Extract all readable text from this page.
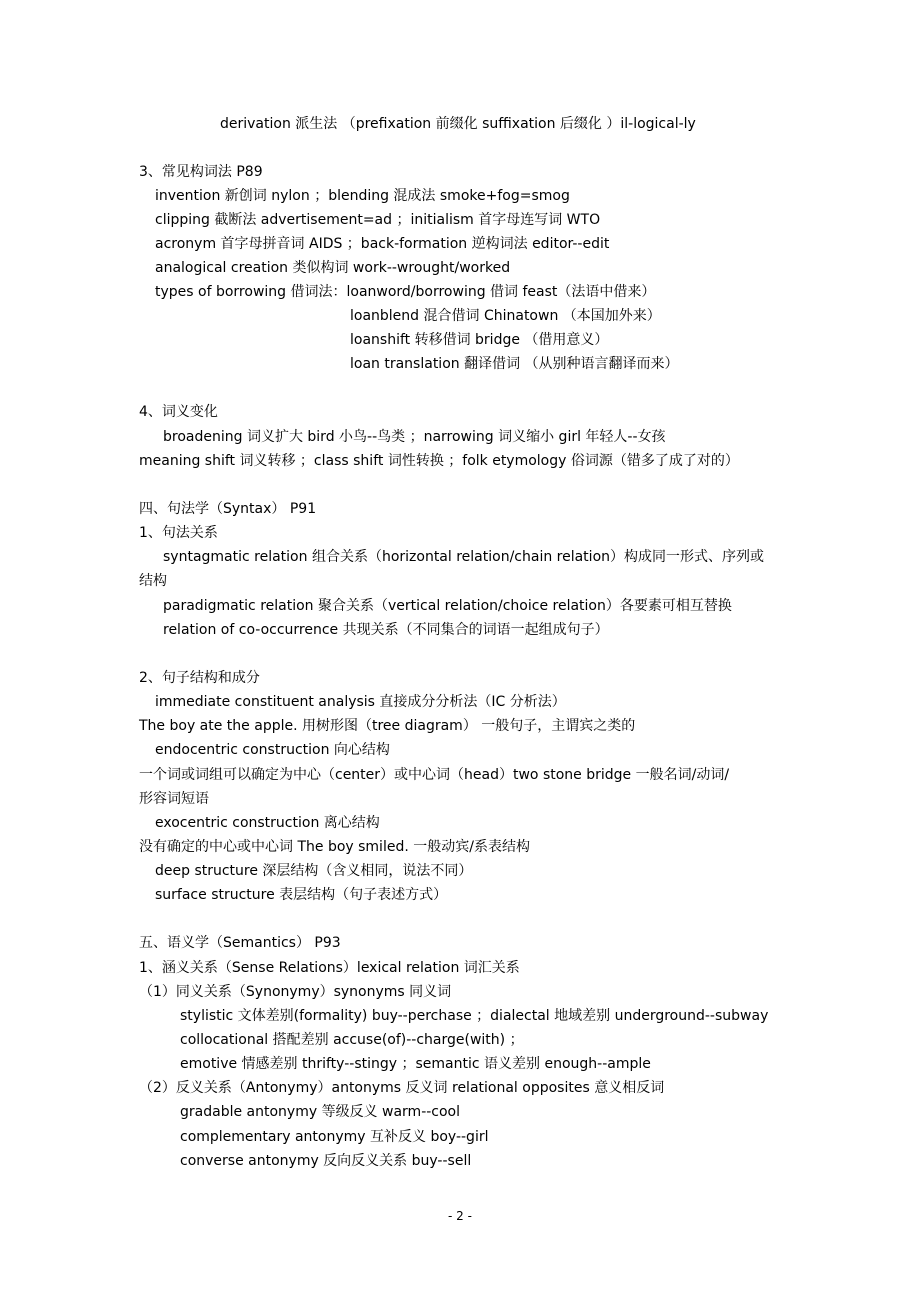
derivation 派生法 （prefixation 前缀化 suffixation 后缀化 ）il-logical-ly
3、常见构词法 P89
invention 新创词 nylon ；blending 混成法 smoke+fog=smog
clipping 截断法 advertisement=ad ；initialism 首字母连写词 WTO
acronym 首字母拼音词 AIDS ；back-formation 逆构词法 editor--edit
analogical creation 类似构词 work--wrought/worked
types of borrowing 借词法：loanword/borrowing 借词 feast（法语中借来）
loanblend 混合借词 Chinatown （本国加外来）
loanshift 转移借词 bridge （借用意义）
loan translation 翻译借词 （从别种语言翻译而来）
4、词义变化
broadening 词义扩大 bird 小鸟--鸟类 ；narrowing 词义缩小 girl 年轻人--女孩
meaning shift 词义转移 ；class shift 词性转换 ；folk etymology 俗词源（错多了成了对的）
四、句法学（Syntax） P91
1、句法关系
syntagmatic relation 组合关系（horizontal relation/chain relation）构成同一形式、序列或
结构
paradigmatic relation 聚合关系（vertical relation/choice relation）各要素可相互替换
relation of co-occurrence 共现关系（不同集合的词语一起组成句子）
2、句子结构和成分
immediate constituent analysis 直接成分分析法（IC 分析法）
The boy ate the apple. 用树形图（tree diagram） 一般句子，主谓宾之类的
endocentric construction 向心结构
一个词或词组可以确定为中心（center）或中心词（head）two stone bridge 一般名词/动词/
形容词短语
exocentric construction 离心结构
没有确定的中心或中心词 The boy smiled. 一般动宾/系表结构
deep structure 深层结构（含义相同，说法不同）
surface structure 表层结构（句子表述方式）
五、语义学（Semantics） P93
1、涵义关系（Sense Relations）lexical relation 词汇关系
（1）同义关系（Synonymy）synonyms 同义词
stylistic 文体差别(formality) buy--perchase ；dialectal 地域差别 underground--subway
collocational 搭配差别 accuse(of)--charge(with) ；
emotive 情感差别 thrifty--stingy ；semantic 语义差别 enough--ample
（2）反义关系（Antonymy）antonyms 反义词 relational opposites 意义相反词
gradable antonymy 等级反义 warm--cool
complementary antonymy 互补反义 boy--girl
converse antonymy 反向反义关系 buy--sell
- 2 -
